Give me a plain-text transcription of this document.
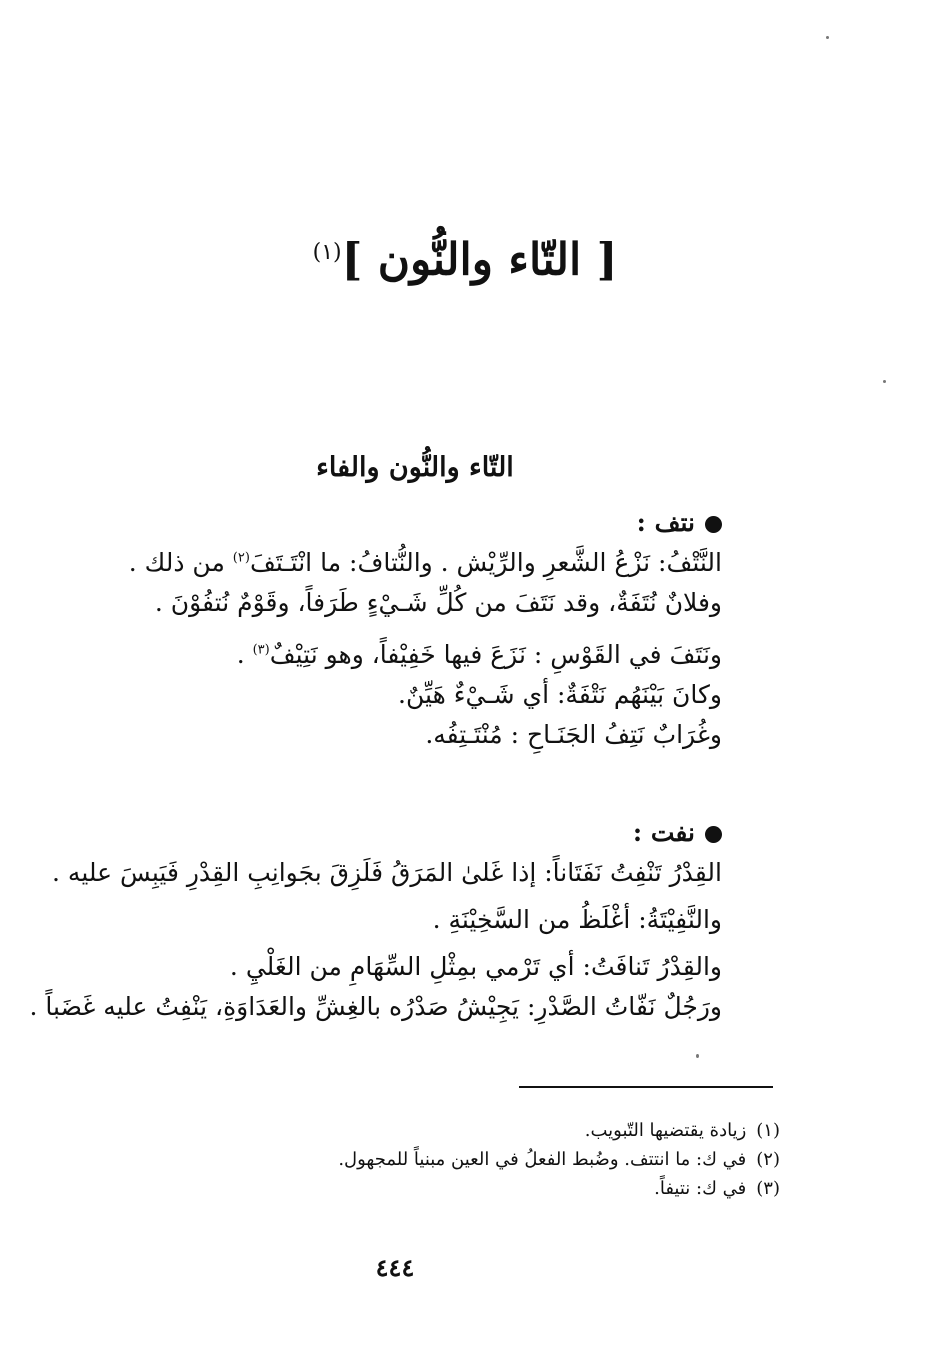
[ التّاء والنُّون ]$^{(١)}$
التّاء والنُّون والفاء
نتف :
النَّتْفُ: نَزْعُ الشَّعرِ والرِّيْش . والنُّتافُ: ما انْتَـتَفَ$^{(٢)}$ من ذلك .
وفلانٌ نُتَفَةٌ، وقد نَتَفَ من كُلِّ شَـيْءٍ طَرَفاً، وقَوْمٌ نُتفُوْنَ .
ونَتَفَ في القَوْسِ : نَزَعَ فيها خَفِيْفاً، وهو نَتِيْفٌ$^{(٣)}$ .
وكانَ بَيْنَهُم نَتْفَةٌ: أي شَـيْءٌ هَيِّنٌ.
وغُرَابٌ نَتِفُ الجَنَـاحِ : مُنْتَـتِفُه.
نفت :
القِدْرُ تَنْفِتُ نَفَتَاناً: إذا غَلىٰ المَرَقُ فَلَزِقَ بجَوانِبِ القِدْرِ فَيَبِسَ عليه .
والنَّفِيْتَةُ: أغْلَظُ من السَّخِيْنَةِ .
والقِدْرُ تَنافَتُ: أي تَرْمي بمِثْلِ السِّهَامِ من الغَلْيِ .
ورَجُلٌ نَفّاتُ الصَّدْرِ: يَجِيْشُ صَدْرُه بالغِشِّ والعَدَاوَةِ، يَنْفِتُ عليه غَضَباً .
(١)زيادة يقتضيها التّبويب.
(٢)في ك: ما انتتف. وضُبط الفعلُ في العين مبنياً للمجهول.
(٣)في ك: نتيفاً.
٤٤٤
